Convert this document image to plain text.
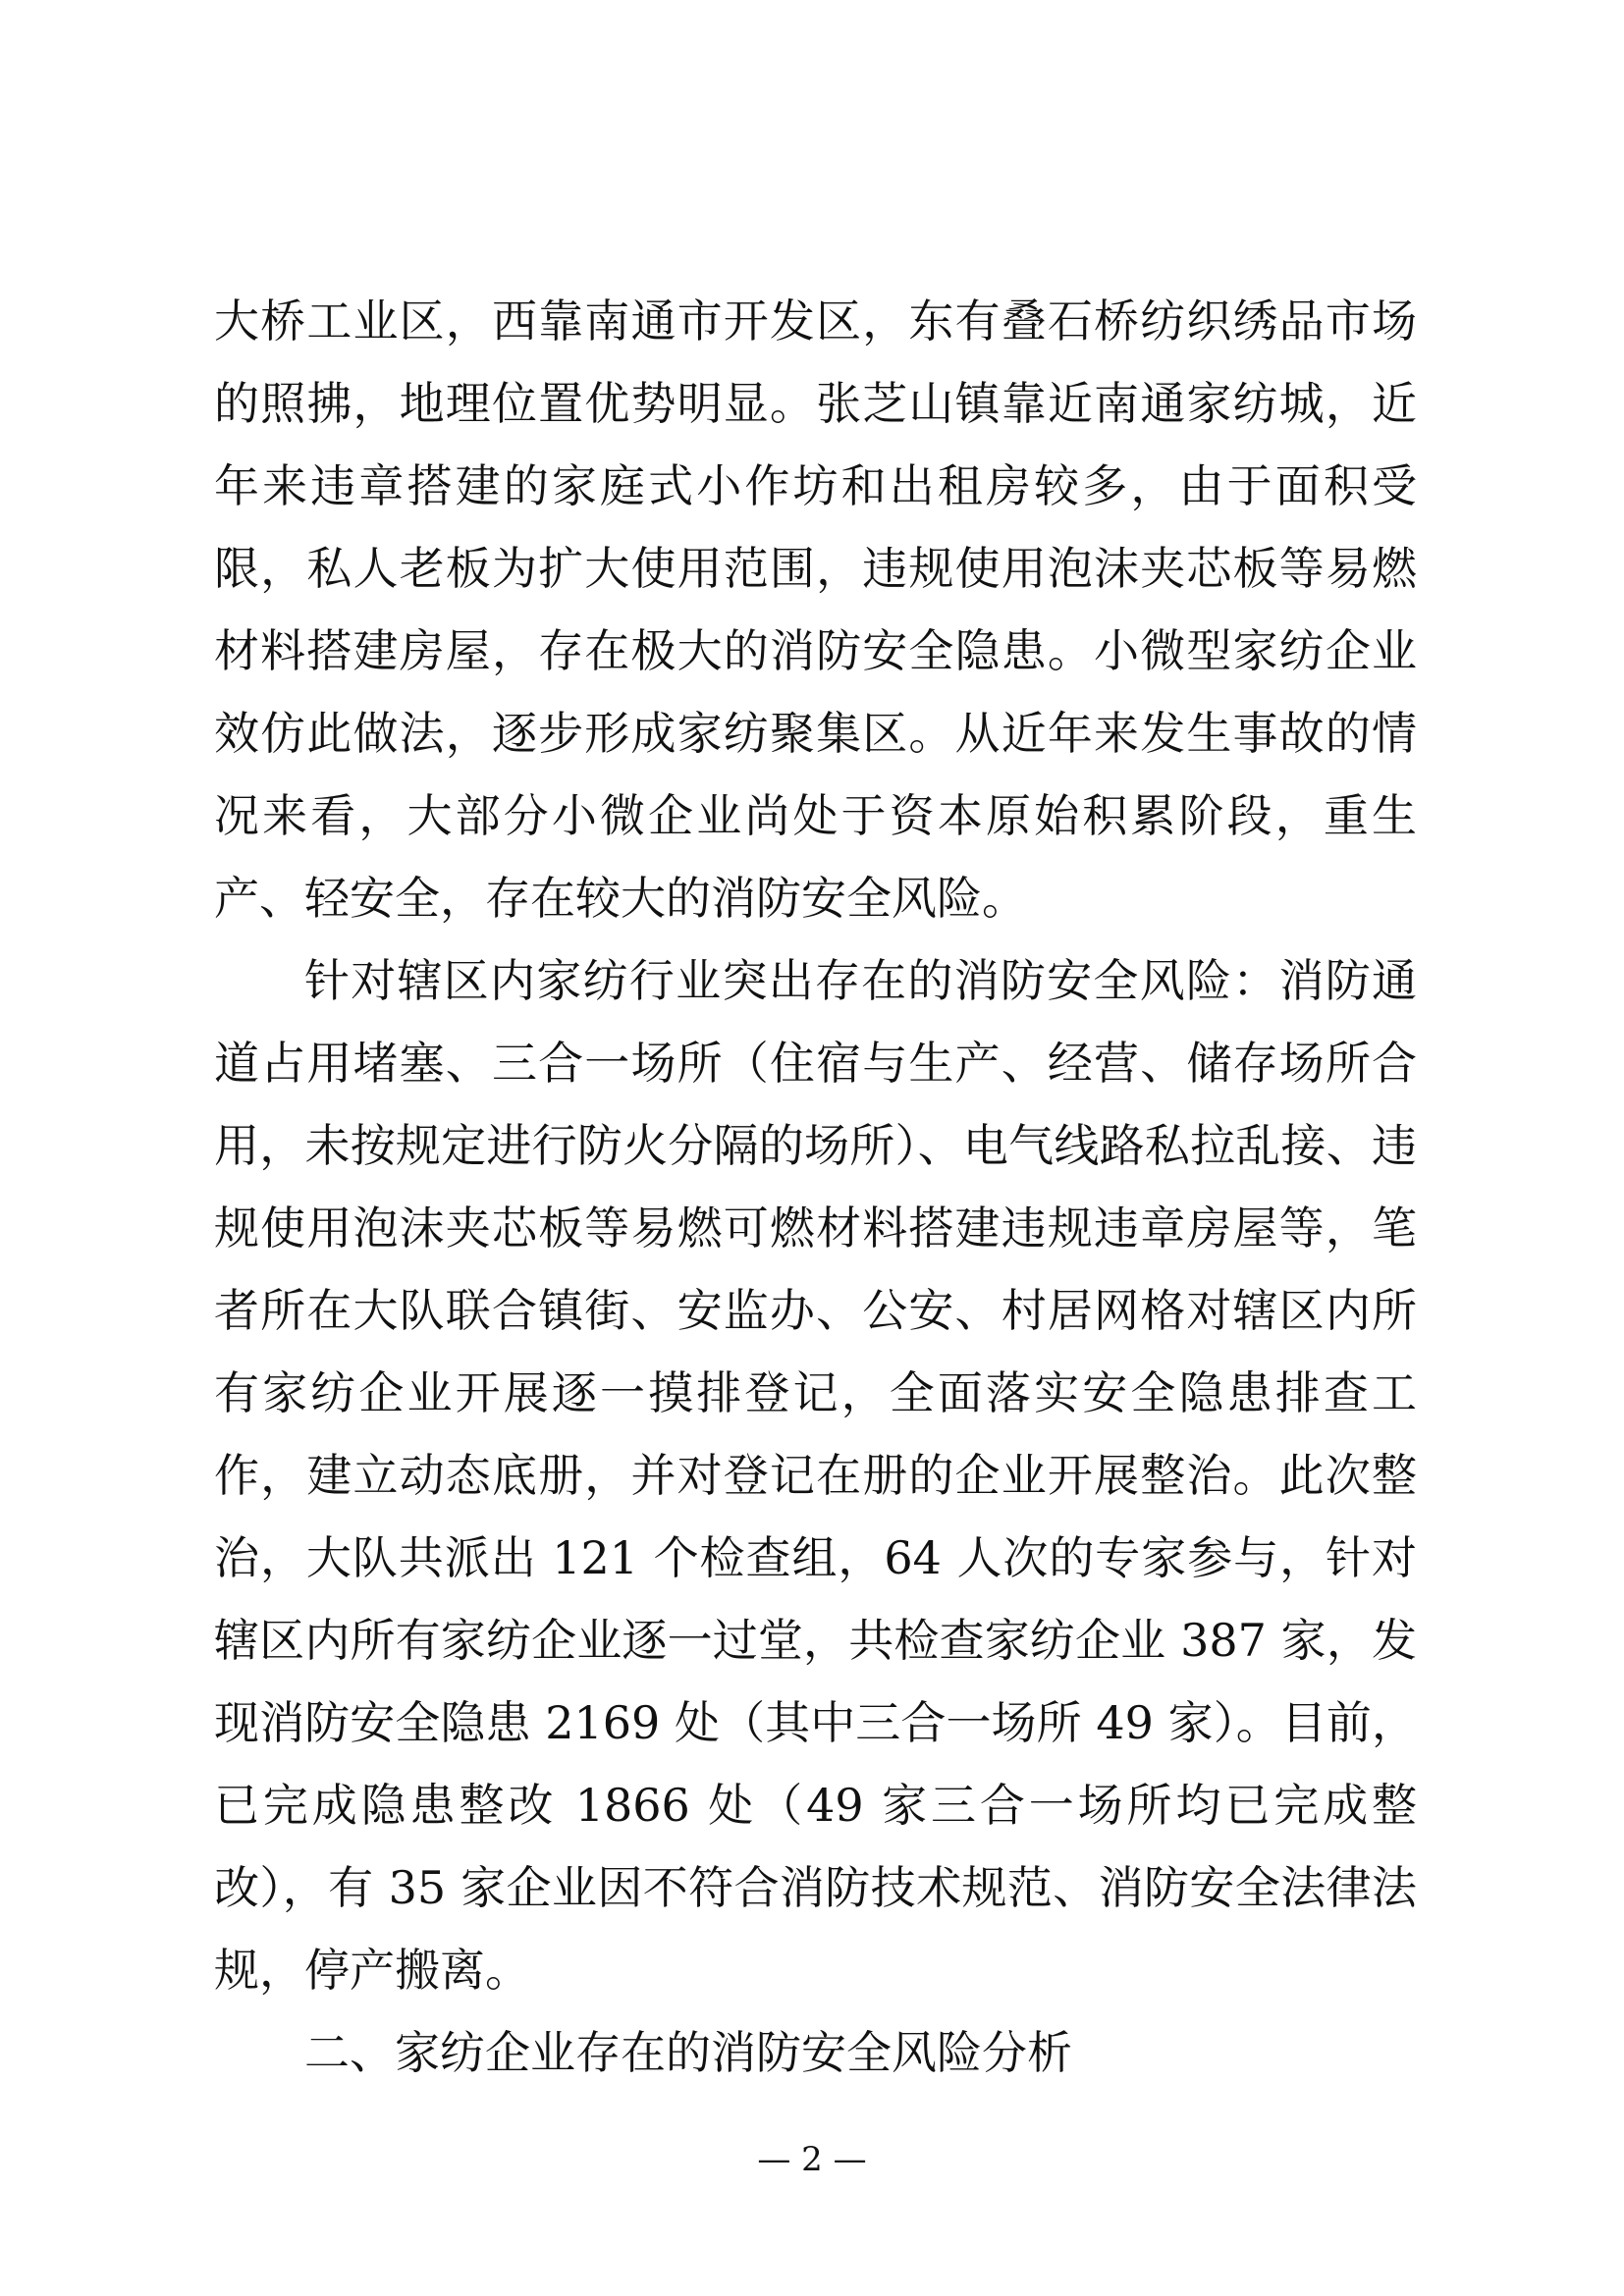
大桥工业区，西靠南通市开发区，东有叠石桥纺织绣品市场的照拂，地理位置优势明显。张芝山镇靠近南通家纺城，近年来违章搭建的家庭式小作坊和出租房较多，由于面积受限，私人老板为扩大使用范围，违规使用泡沫夹芯板等易燃材料搭建房屋，存在极大的消防安全隐患。小微型家纺企业效仿此做法，逐步形成家纺聚集区。从近年来发生事故的情况来看，大部分小微企业尚处于资本原始积累阶段，重生产、轻安全，存在较大的消防安全风险。

针对辖区内家纺行业突出存在的消防安全风险：消防通道占用堵塞、三合一场所（住宿与生产、经营、储存场所合用，未按规定进行防火分隔的场所）、电气线路私拉乱接、违规使用泡沫夹芯板等易燃可燃材料搭建违规违章房屋等，笔者所在大队联合镇街、安监办、公安、村居网格对辖区内所有家纺企业开展逐一摸排登记，全面落实安全隐患排查工作，建立动态底册，并对登记在册的企业开展整治。此次整治，大队共派出 121 个检查组，64 人次的专家参与，针对辖区内所有家纺企业逐一过堂，共检查家纺企业 387 家，发现消防安全隐患 2169 处（其中三合一场所 49 家）。目前，已完成隐患整改 1866 处（49 家三合一场所均已完成整改），有 35 家企业因不符合消防技术规范、消防安全法律法规，停产搬离。

二、家纺企业存在的消防安全风险分析

— 2 —
